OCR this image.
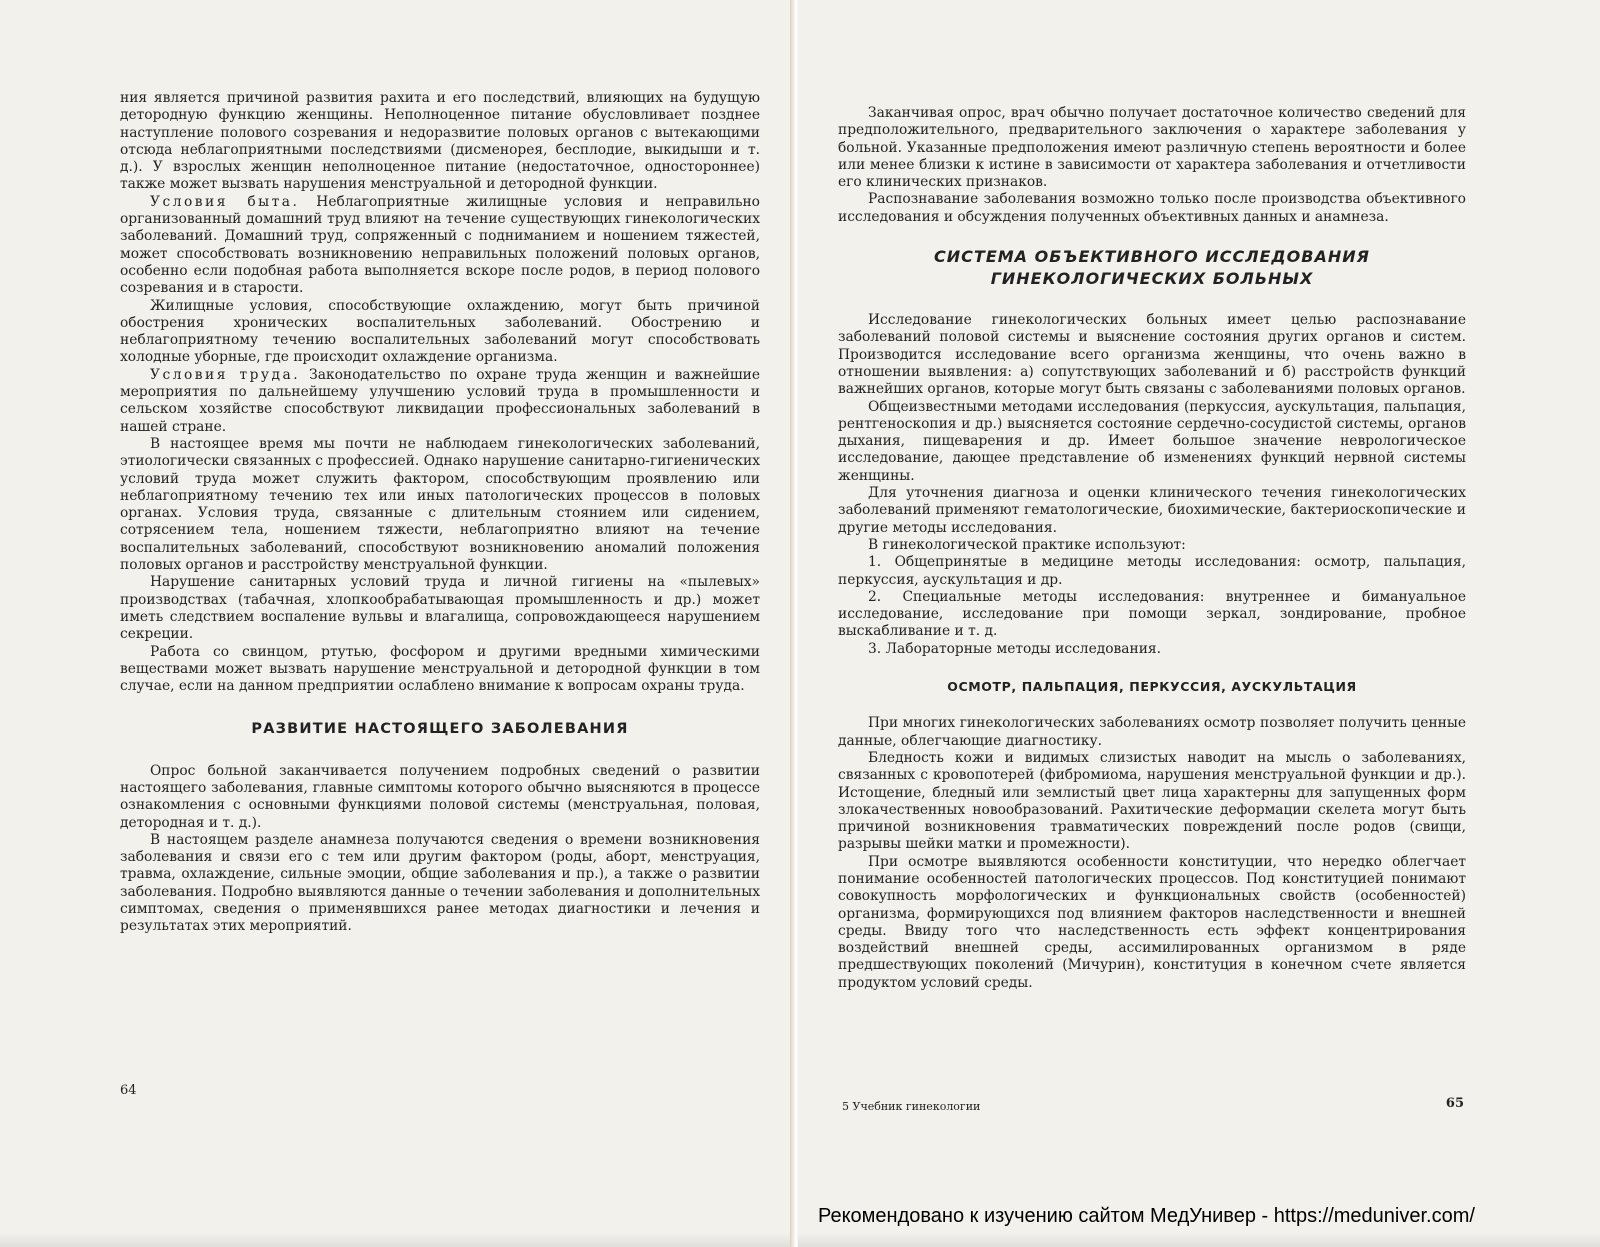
ния является причиной развития рахита и его последствий, влияющих на будущую детородную функцию женщины. Неполноценное питание обусловливает позднее наступление полового созревания и недоразвитие половых органов с вытекающими отсюда неблагоприятными последствиями (дисменорея, бесплодие, выкидыши и т. д.). У взрослых женщин неполноценное питание (недостаточное, одностороннее) также может вызвать нарушения менструальной и детородной функции.

Условия быта. Неблагоприятные жилищные условия и неправильно организованный домашний труд влияют на течение существующих гинекологических заболеваний. Домашний труд, сопряженный с подниманием и ношением тяжестей, может способствовать возникновению неправильных положений половых органов, особенно если подобная работа выполняется вскоре после родов, в период полового созревания и в старости.

Жилищные условия, способствующие охлаждению, могут быть причиной обострения хронических воспалительных заболеваний. Обострению и неблагоприятному течению воспалительных заболеваний могут способствовать холодные уборные, где происходит охлаждение организма.

Условия труда. Законодательство по охране труда женщин и важнейшие мероприятия по дальнейшему улучшению условий труда в промышленности и сельском хозяйстве способствуют ликвидации профессиональных заболеваний в нашей стране.

В настоящее время мы почти не наблюдаем гинекологических заболеваний, этиологически связанных с профессией. Однако нарушение санитарно-гигиенических условий труда может служить фактором, способствующим проявлению или неблагоприятному течению тех или иных патологических процессов в половых органах. Условия труда, связанные с длительным стоянием или сидением, сотрясением тела, ношением тяжести, неблагоприятно влияют на течение воспалительных заболеваний, способствуют возникновению аномалий положения половых органов и расстройству менструальной функции.

Нарушение санитарных условий труда и личной гигиены на «пылевых» производствах (табачная, хлопкообрабатывающая промышленность и др.) может иметь следствием воспаление вульвы и влагалища, сопровождающееся нарушением секреции.

Работа со свинцом, ртутью, фосфором и другими вредными химическими веществами может вызвать нарушение менструальной и детородной функции в том случае, если на данном предприятии ослаблено внимание к вопросам охраны труда.

РАЗВИТИЕ НАСТОЯЩЕГО ЗАБОЛЕВАНИЯ

Опрос больной заканчивается получением подробных сведений о развитии настоящего заболевания, главные симптомы которого обычно выясняются в процессе ознакомления с основными функциями половой системы (менструальная, половая, детородная и т. д.).

В настоящем разделе анамнеза получаются сведения о времени возникновения заболевания и связи его с тем или другим фактором (роды, аборт, менструация, травма, охлаждение, сильные эмоции, общие заболевания и пр.), а также о развитии заболевания. Подробно выявляются данные о течении заболевания и дополнительных симптомах, сведения о применявшихся ранее методах диагностики и лечения и результатах этих мероприятий.

64

Заканчивая опрос, врач обычно получает достаточное количество сведений для предположительного, предварительного заключения о характере заболевания у больной. Указанные предположения имеют различную степень вероятности и более или менее близки к истине в зависимости от характера заболевания и отчетливости его клинических признаков.

Распознавание заболевания возможно только после производства объективного исследования и обсуждения полученных объективных данных и анамнеза.

СИСТЕМА ОБЪЕКТИВНОГО ИССЛЕДОВАНИЯ
ГИНЕКОЛОГИЧЕСКИХ БОЛЬНЫХ

Исследование гинекологических больных имеет целью распознавание заболеваний половой системы и выяснение состояния других органов и систем. Производится исследование всего организма женщины, что очень важно в отношении выявления: а) сопутствующих заболеваний и б) расстройств функций важнейших органов, которые могут быть связаны с заболеваниями половых органов.

Общеизвестными методами исследования (перкуссия, аускультация, пальпация, рентгеноскопия и др.) выясняется состояние сердечно-сосудистой системы, органов дыхания, пищеварения и др. Имеет большое значение неврологическое исследование, дающее представление об изменениях функций нервной системы женщины.

Для уточнения диагноза и оценки клинического течения гинекологических заболеваний применяют гематологические, биохимические, бактериоскопические и другие методы исследования.

В гинекологической практике используют:

1. Общепринятые в медицине методы исследования: осмотр, пальпация, перкуссия, аускультация и др.

2. Специальные методы исследования: внутреннее и бимануальное исследование, исследование при помощи зеркал, зондирование, пробное выскабливание и т. д.

3. Лабораторные методы исследования.

ОСМОТР, ПАЛЬПАЦИЯ, ПЕРКУССИЯ, АУСКУЛЬТАЦИЯ

При многих гинекологических заболеваниях осмотр позволяет получить ценные данные, облегчающие диагностику.

Бледность кожи и видимых слизистых наводит на мысль о заболеваниях, связанных с кровопотерей (фибромиома, нарушения менструальной функции и др.). Истощение, бледный или землистый цвет лица характерны для запущенных форм злокачественных новообразований. Рахитические деформации скелета могут быть причиной возникновения травматических повреждений после родов (свищи, разрывы шейки матки и промежности).

При осмотре выявляются особенности конституции, что нередко облегчает понимание особенностей патологических процессов. Под конституцией понимают совокупность морфологических и функциональных свойств (особенностей) организма, формирующихся под влиянием факторов наследственности и внешней среды. Ввиду того что наследственность есть эффект концентрирования воздействий внешней среды, ассимилированных организмом в ряде предшествующих поколений (Мичурин), конституция в конечном счете является продуктом условий среды.

5 Учебник гинекологии	65
Рекомендовано к изучению сайтом МедУнивер - https://meduniver.com/
